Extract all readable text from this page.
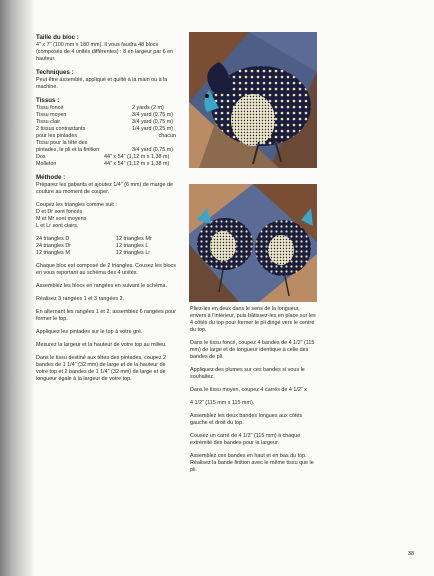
Taille du bloc :

4" x 7" (100 mm x 180 mm). Il vous faudra 48 blocs (composés de 4 unités différentes) : 8 en largeur par 6 en hauteur.

Techniques :

Peut être assemblé, appliqué et quilté à la main ou à la machine.

Tissus :
Tissu foncé	2 yards (2 m)
Tissu moyen	3/4 yard (0,75 m)
Tissu clair	3/4 yard (0,75 m)
2 tissus contrastants	1/4 yard (0,25 m)
pour les pintades	chacun
Tissu pour la tête des
pintades, le pli et la finition	3/4 yard (0,75 m)
Dos	44" x 54" (1,12 m x 1,38 m)
Molleton	44" x 54" (1,12 m x 1,38 m)
Méthode :

Préparez les gabarits et ajoutez 1/4" (6 mm) de marge de couture au moment de couper.

Coupez les triangles comme suit :
D et Dr sont foncés
M et Mr sont moyens
L et Lr sont clairs.
24 triangles D	12 triangles Mr
24 triangles Dr	12 triangles L
12 triangles M	12 triangles Lr

Chaque bloc est composé de 2 triangles. Cousez les blocs en vous reportant au schéma des 4 unités.

Assemblez les blocs en rangées en suivant le schéma.

Réalisez 3 rangées 1 et 3 rangées 2.

En alternant les rangées 1 et 2, assemblez 6 rangées pour former le top.

Appliquez les pintades sur le top à votre gré.

Mesurez la largeur et la hauteur de votre top au milieu.

Dans le tissu destiné aux têtes des pintades, coupez 2 bandes de 1 1/4" (32 mm) de large et de la hauteur de votre top et 2 bandes de 1 1/4" (32 mm) de large et de longueur égale à la largeur de votre top.

Pliez-les en deux dans le sens de la longueur, envers à l'intérieur, puis bâtissez-les en place sur les 4 côtés du top pour former le pli dirigé vers le centre du top.

Dans le tissu foncé, coupez 4 bandes de 4 1/2" (115 mm) de large et de longueur identique à celle des bandes de pli.

Appliquez des plumes sur ces bandes si vous le souhaitez.

Dans le tissu moyen, coupez 4 carrés de 4 1/2" x

4 1/2" (115 mm x 115 mm).

Assemblez les deux bandes longues aux côtés gauche et droit du top.

Cousez un carré de 4 1/2" (115 mm) à chaque extrémité des bandes pour la largeur.

Assemblez ces bandes en haut et en bas du top. Réalisez la bande finition avec le même tissu que le pli.

38
